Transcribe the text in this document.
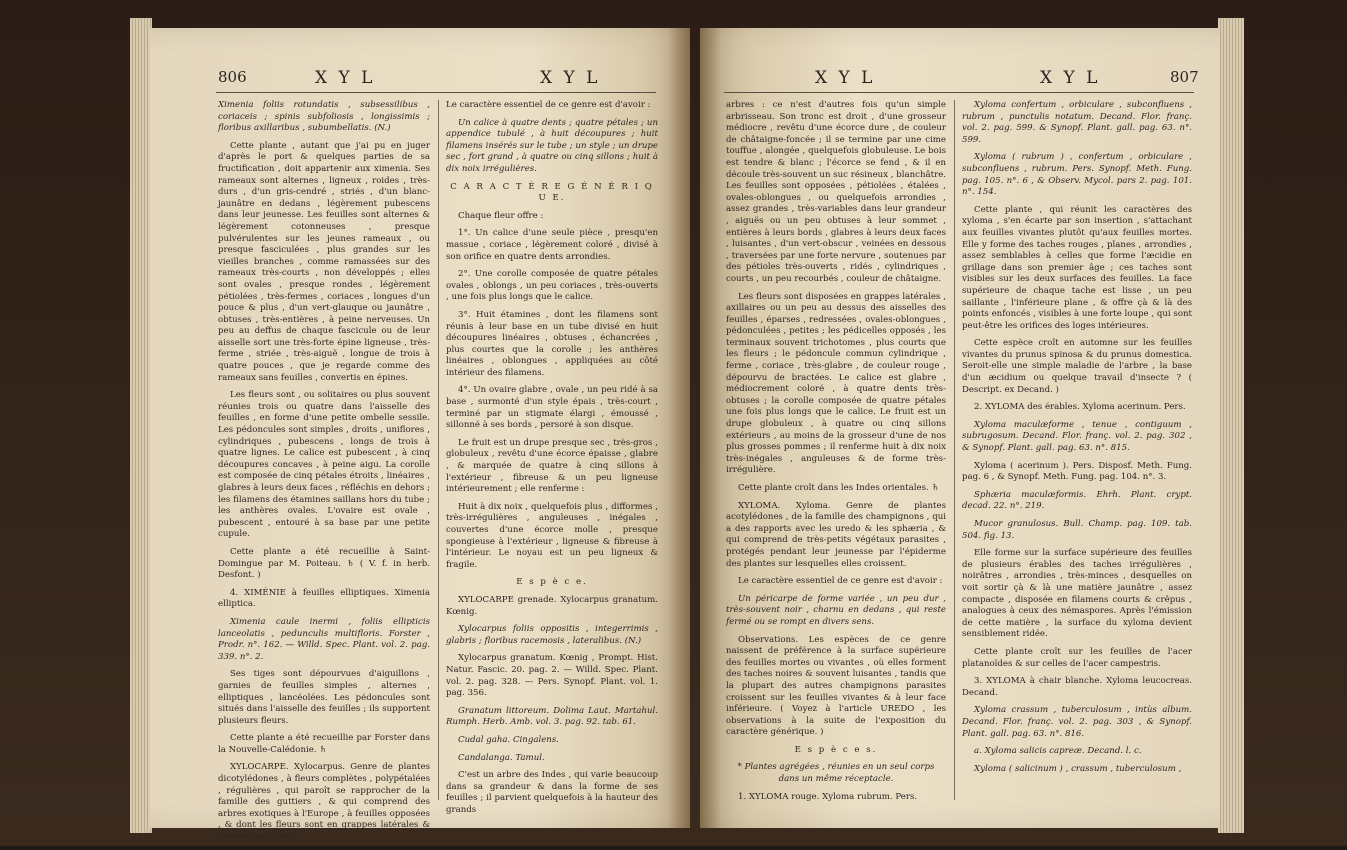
806	X Y L	X Y L

Ximenia foliis rotundatis , subsessilibus , coriaceis ; spinis subfoliosis , longissimis ; floribus axillaribus , subumbellatis. (N.)

Cette plante , autant que j'ai pu en juger d'après le port & quelques parties de sa fructification , doit appartenir aux ximenia. Ses rameaux sont alternes , ligneux , roides , très-durs , d'un gris-cendré , striés , d'un blanc-jaunâtre en dedans , légèrement pubescens dans leur jeunesse. Les feuilles sont alternes & légèrement cotonneuses , presque pulvérulentes sur les jeunes rameaux , ou presque fasciculées , plus grandes sur les vieilles branches , comme ramassées sur des rameaux très-courts , non développés ; elles sont ovales , presque rondes , légèrement pétiolées , très-fermes , coriaces , longues d'un pouce & plus , d'un vert-glauque ou jaunâtre , obtuses , très-entières , à peine nerveuses. Un peu au deffus de chaque fascicule ou de leur aisselle sort une très-forte épine ligneuse , très-ferme , striée , très-aiguë , longue de trois à quatre pouces , que je regarde comme des rameaux sans feuilles , convertis en épines.

Les fleurs sont , ou solitaires ou plus souvent réunies trois ou quatre dans l'aisselle des feuilles , en forme d'une petite ombelle sessile. Les pédoncules sont simples , droits , uniflores , cylindriques , pubescens , longs de trois à quatre lignes. Le calice est pubescent , à cinq découpures concaves , à peine aigu. La corolle est composée de cinq pétales étroits , linéaires , glabres à leurs deux faces , réfléchis en dehors ; les filamens des étamines saillans hors du tube ; les anthères ovales. L'ovaire est ovale , pubescent , entouré à sa base par une petite cupule.

Cette plante a été recueillie à Saint-Domingue par M. Poiteau. ♄ ( V. f. in herb. Desfont. )

4. XIMÉNIE à feuilles elliptiques. Ximenia elliptica.

Ximenia caule inermi , foliis ellipticis lanceolatis , pedunculis multifloris. Forster , Prodr. n°. 162. — Willd. Spec. Plant. vol. 2. pag. 339. n°. 2.

Ses tiges sont dépourvues d'aiguillons , garnies de feuilles simples , alternes , elliptiques , lancéolées. Les pédoncules sont situés dans l'aisselle des feuilles ; ils supportent plusieurs fleurs.

Cette plante a été recueillie par Forster dans la Nouvelle-Calédonie. ♄

XYLOCARPE. Xylocarpus. Genre de plantes dicotylédones , à fleurs complètes , polypétalées , régulières , qui paroît se rapprocher de la famille des guttiers , & qui comprend des arbres exotiques à l'Europe , à feuilles opposées , & dont les fleurs sont en grappes latérales & souvent axillaires.

Le caractère essentiel de ce genre est d'avoir :

Un calice à quatre dents ; quatre pétales ; un appendice tubulé , à huit découpures ; huit filamens insérés sur le tube ; un style ; un drupe sec , fort grand , à quatre ou cinq sillons ; huit à dix noix irrégulières.

C A R A C T È R E G É N É R I Q U E.

Chaque fleur offre :

1°. Un calice d'une seule pièce , presqu'en massue , coriace , légèrement coloré , divisé à son orifice en quatre dents arrondies.

2°. Une corolle composée de quatre pétales ovales , oblongs , un peu coriaces , très-ouverts , une fois plus longs que le calice.

3°. Huit étamines , dont les filamens sont réunis à leur base en un tube divisé en huit découpures linéaires , obtuses , échancrées , plus courtes que la corolle ; les anthères linéaires , oblongues , appliquées au côté intérieur des filamens.

4°. Un ovaire glabre , ovale , un peu ridé à sa base , surmonté d'un style épais , très-court , terminé par un stigmate élargi , émoussé , sillonné à ses bords , persoré à son disque.

Le fruit est un drupe presque sec , très-gros , globuleux , revêtu d'une écorce épaisse , glabre , & marquée de quatre à cinq sillons à l'extérieur , fibreuse & un peu ligneuse intérieurement ; elle renferme :

Huit à dix noix , quelquefois plus , difformes , très-irrégulières , anguleuses , inégales , couvertes d'une écorce molle , presque spongieuse à l'extérieur , ligneuse & fibreuse à l'intérieur. Le noyau est un peu ligneux & fragile.

E s p è c e.

XYLOCARPE grenade. Xylocarpus granatum. Kœnig.

Xylocarpus foliis oppositis , integerrimis , glabris ; floribus racemosis , lateralibus. (N.)

Xylocarpus granatum. Kœnig , Prompt. Hist. Natur. Fascic. 20. pag. 2. — Willd. Spec. Plant. vol. 2. pag. 328. — Pers. Synopf. Plant. vol. 1. pag. 356.

Granatum littoreum. Dolima Laut. Martahul. Rumph. Herb. Amb. vol. 3. pag. 92. tab. 61.

Cudal gaha. Cingalens.

Candalanga. Tamul.

C'est un arbre des Indes , qui varie beaucoup dans sa grandeur & dans la forme de ses feuilles ; il parvient quelquefois à la hauteur des grands

X Y L	X Y L	807

arbres : ce n'est d'autres fois qu'un simple arbrisseau. Son tronc est droit , d'une grosseur médiocre , revêtu d'une écorce dure , de couleur de châtaigne-foncée ; il se termine par une cime touffue , alongée , quelquefois globuleuse. Le bois est tendre & blanc ; l'écorce se fend , & il en découle très-souvent un suc résineux , blanchâtre. Les feuilles sont opposées , pétiolées , étalées , ovales-oblongues , ou quelquefois arrondies , assez grandes , très-variables dans leur grandeur , aiguës ou un peu obtuses à leur sommet , entières à leurs bords , glabres à leurs deux faces , luisantes , d'un vert-obscur , veinées en dessous , traversées par une forte nervure , soutenues par des pétioles très-ouverts , ridés , cylindriques , courts , un peu recourbés , couleur de châtaigne.

Les fleurs sont disposées en grappes latérales , axillaires ou un peu au dessus des aisselles des feuilles , éparses , redressées , ovales-oblongues , pédonculées , petites ; les pédicelles opposés , les terminaux souvent trichotomes , plus courts que les fleurs ; le pédoncule commun cylindrique , ferme , coriace , très-glabre , de couleur rouge , dépourvu de bractées. Le calice est glabre , médiocrement coloré , à quatre dents très-obtuses ; la corolle composée de quatre pétales une fois plus longs que le calice. Le fruit est un drupe globuleux , à quatre ou cinq sillons extérieurs , au moins de la grosseur d'une de nos plus grosses pommes ; il renferme huit à dix noix très-inégales , anguleuses & de forme très-irrégulière.

Cette plante croît dans les Indes orientales. ♄

XYLOMA. Xyloma. Genre de plantes acotylédones , de la famille des champignons , qui a des rapports avec les uredo & les sphæria , & qui comprend de très-petits végétaux parasites , protégés pendant leur jeunesse par l'épiderme des plantes sur lesquelles elles croissent.

Le caractère essentiel de ce genre est d'avoir :

Un péricarpe de forme variée , un peu dur , très-souvent noir , charnu en dedans , qui reste fermé ou se rompt en divers sens.

Observations. Les espèces de ce genre naissent de préférence à la surface supérieure des feuilles mortes ou vivantes , où elles forment des taches noires & souvent luisantes , tandis que la plupart des autres champignons parasites croissent sur les feuilles vivantes & à leur face inférieure. ( Voyez à l'article UREDO , les observations à la suite de l'exposition du caractère générique. )

E s p è c e s.

* Plantes agrégées , réunies en un seul corps dans un même réceptacle.

1. XYLOMA rouge. Xyloma rubrum. Pers.

Xyloma confertum , orbiculare , subconfluens , rubrum , punctulis notatum. Decand. Flor. franç. vol. 2. pag. 599. & Synopf. Plant. gall. pag. 63. n°. 599.

Xyloma ( rubrum ) , confertum , orbiculare , subconfluens , rubrum. Pers. Synopf. Meth. Fung. pag. 105. n°. 6 , & Observ. Mycol. pars 2. pag. 101. n°. 154.

Cette plante , qui réunit les caractères des xyloma , s'en écarte par son insertion , s'attachant aux feuilles vivantes plutôt qu'aux feuilles mortes. Elle y forme des taches rouges , planes , arrondies , assez semblables à celles que forme l'æcidie en grillage dans son premier âge ; ces taches sont visibles sur les deux surfaces des feuilles. La face supérieure de chaque tache est lisse , un peu saillante , l'inférieure plane , & offre çà & là des points enfoncés , visibles à une forte loupe , qui sont peut-être les orifices des loges intérieures.

Cette espèce croît en automne sur les feuilles vivantes du prunus spinosa & du prunus domestica. Seroit-elle une simple maladie de l'arbre , la base d'un æcidium ou quelque travail d'insecte ? ( Descript. ex Decand. )

2. XYLOMA des érables. Xyloma acerinum. Pers.

Xyloma maculæforme , tenue , contiguum , subrugosum. Decand. Flor. franç. vol. 2. pag. 302 , & Synopf. Plant. gall. pag. 63. n°. 815.

Xyloma ( acerinum ). Pers. Disposf. Meth. Fung. pag. 6 , & Synopf. Meth. Fung. pag. 104. n°. 3.

Sphæria maculæformis. Ehrh. Plant. crypt. decad. 22. n°. 219.

Mucor granulosus. Bull. Champ. pag. 109. tab. 504. fig. 13.

Elle forme sur la surface supérieure des feuilles de plusieurs érables des taches irrégulières , noirâtres , arrondies , très-minces , desquelles on voit sortir çà & là une matière jaunâtre , assez compacte , disposée en filamens courts & crêpus , analogues à ceux des némaspores. Après l'émission de cette matière , la surface du xyloma devient sensiblement ridée.

Cette plante croît sur les feuilles de l'acer platanoïdes & sur celles de l'acer campestris.

3. XYLOMA à chair blanche. Xyloma leucocreas. Decand.

Xyloma crassum , tuberculosum , intùs album. Decand. Flor. franç. vol. 2. pag. 303 , & Synopf. Plant. gall. pag. 63. n°. 816.

a. Xyloma salicis capreæ. Decand. l. c.

Xyloma ( salicinum ) , crassum , tuberculosum ,
